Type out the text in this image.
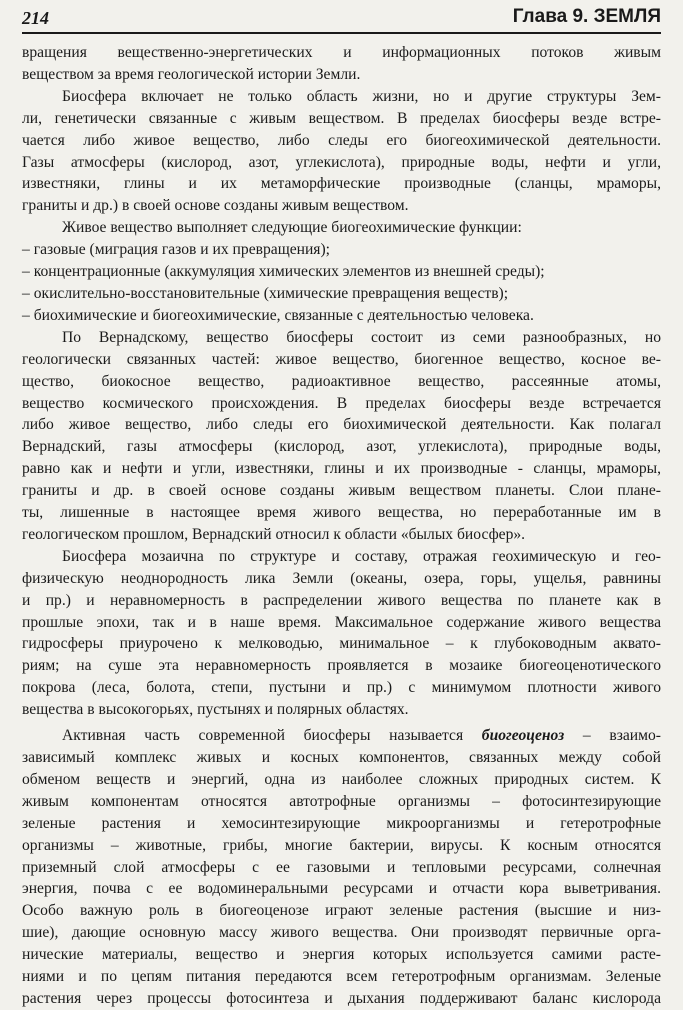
214	Глава 9. ЗЕМЛЯ
вращения вещественно-энергетических и информационных потоков живым
веществом за время геологической истории Земли.
Биосфера включает не только область жизни, но и другие структуры Зем-
ли, генетически связанные с живым веществом. В пределах биосферы везде встре-
чается либо живое вещество, либо следы его биогеохимической деятельности.
Газы атмосферы (кислород, азот, углекислота), природные воды, нефти и угли,
известняки, глины и их метаморфические производные (сланцы, мраморы,
граниты и др.) в своей основе созданы живым веществом.
Живое вещество выполняет следующие биогеохимические функции:
– газовые (миграция газов и их превращения);
– концентрационные (аккумуляция химических элементов из внешней среды);
– окислительно-восстановительные (химические превращения веществ);
– биохимические и биогеохимические, связанные с деятельностью человека.
По Вернадскому, вещество биосферы состоит из семи разнообразных, но
геологически связанных частей: живое вещество, биогенное вещество, косное ве-
щество, биокосное вещество, радиоактивное вещество, рассеянные атомы,
вещество космического происхождения. В пределах биосферы везде встречается
либо живое вещество, либо следы его биохимической деятельности. Как полагал
Вернадский, газы атмосферы (кислород, азот, углекислота), природные воды,
равно как и нефти и угли, известняки, глины и их производные - сланцы, мраморы,
граниты и др. в своей основе созданы живым веществом планеты. Слои плане-
ты, лишенные в настоящее время живого вещества, но переработанные им в
геологическом прошлом, Вернадский относил к области «былых биосфер».
Биосфера мозаична по структуре и составу, отражая геохимическую и гео-
физическую неоднородность лика Земли (океаны, озера, горы, ущелья, равнины
и пр.) и неравномерность в распределении живого вещества по планете как в
прошлые эпохи, так и в наше время. Максимальное содержание живого вещества
гидросферы приурочено к мелководью, минимальное – к глубоководным аквато-
риям; на суше эта неравномерность проявляется в мозаике биогеоценотического
покрова (леса, болота, степи, пустыни и пр.) с минимумом плотности живого
вещества в высокогорьях, пустынях и полярных областях.
Активная часть современной биосферы называется биогеоценоз – взаимо-
зависимый комплекс живых и косных компонентов, связанных между собой
обменом веществ и энергий, одна из наиболее сложных природных систем. К
живым компонентам относятся автотрофные организмы – фотосинтезирующие
зеленые растения и хемосинтезирующие микроорганизмы и гетеротрофные
организмы – животные, грибы, многие бактерии, вирусы. К косным относятся
приземный слой атмосферы с ее газовыми и тепловыми ресурсами, солнечная
энергия, почва с ее водоминеральными ресурсами и отчасти кора выветривания.
Особо важную роль в биогеоценозе играют зеленые растения (высшие и низ-
шие), дающие основную массу живого вещества. Они производят первичные орга-
нические материалы, вещество и энергия которых используется самими расте-
ниями и по цепям питания передаются всем гетеротрофным организмам. Зеленые
растения через процессы фотосинтеза и дыхания поддерживают баланс кислорода
